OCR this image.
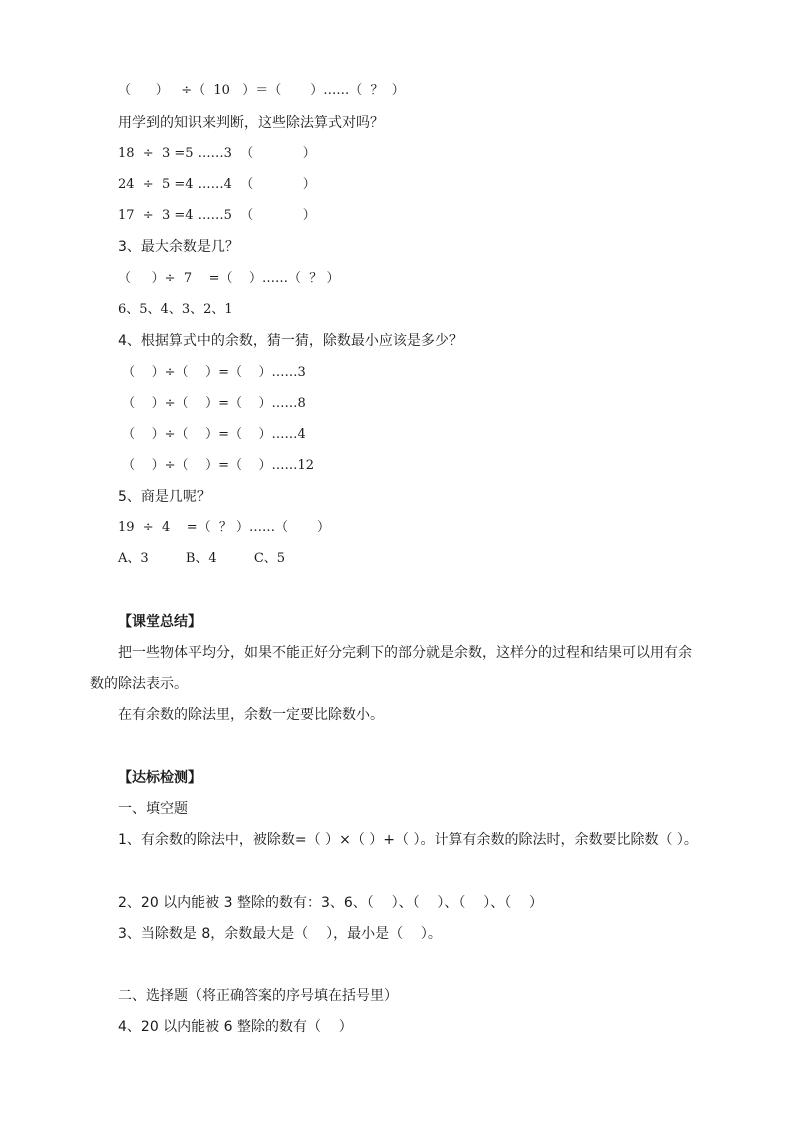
（      ）   ÷（  10   ）＝（       ）……（  ？  ）
用学到的知识来判断，这些除法算式对吗？
18  ÷  3 =5 ……3  （            ）
24  ÷  5 =4 ……4  （            ）
17  ÷  3 =4 ……5  （            ）
3、最大余数是几？
（     ）÷  7    =（    ）……（  ？ ）
6、5、4、3、2、1
4、根据算式中的余数，猜一猜，除数最小应该是多少？
（    ）÷（    ）=（    ）……3
（    ）÷（    ）=（    ）……8
（    ）÷（    ）=（    ）……4
（    ）÷（    ）=（    ）……12
5、商是几呢？
19  ÷  4    =（  ？ ）……（       ）
A、3         B、4         C、5
【课堂总结】
把一些物体平均分，如果不能正好分完剩下的部分就是余数，这样分的过程和结果可以用有余数的除法表示。
在有余数的除法里，余数一定要比除数小。
【达标检测】
一、填空题
1、有余数的除法中，被除数=（ ）×（ ）+（ ）。计算有余数的除法时，余数要比除数（ ）。
2、20 以内能被 3 整除的数有：3、6、（    ）、（    ）、（    ）、（    ）
3、当除数是 8，余数最大是（    ），最小是（    ）。
二、选择题（将正确答案的序号填在括号里）
4、20 以内能被 6 整除的数有（    ）
